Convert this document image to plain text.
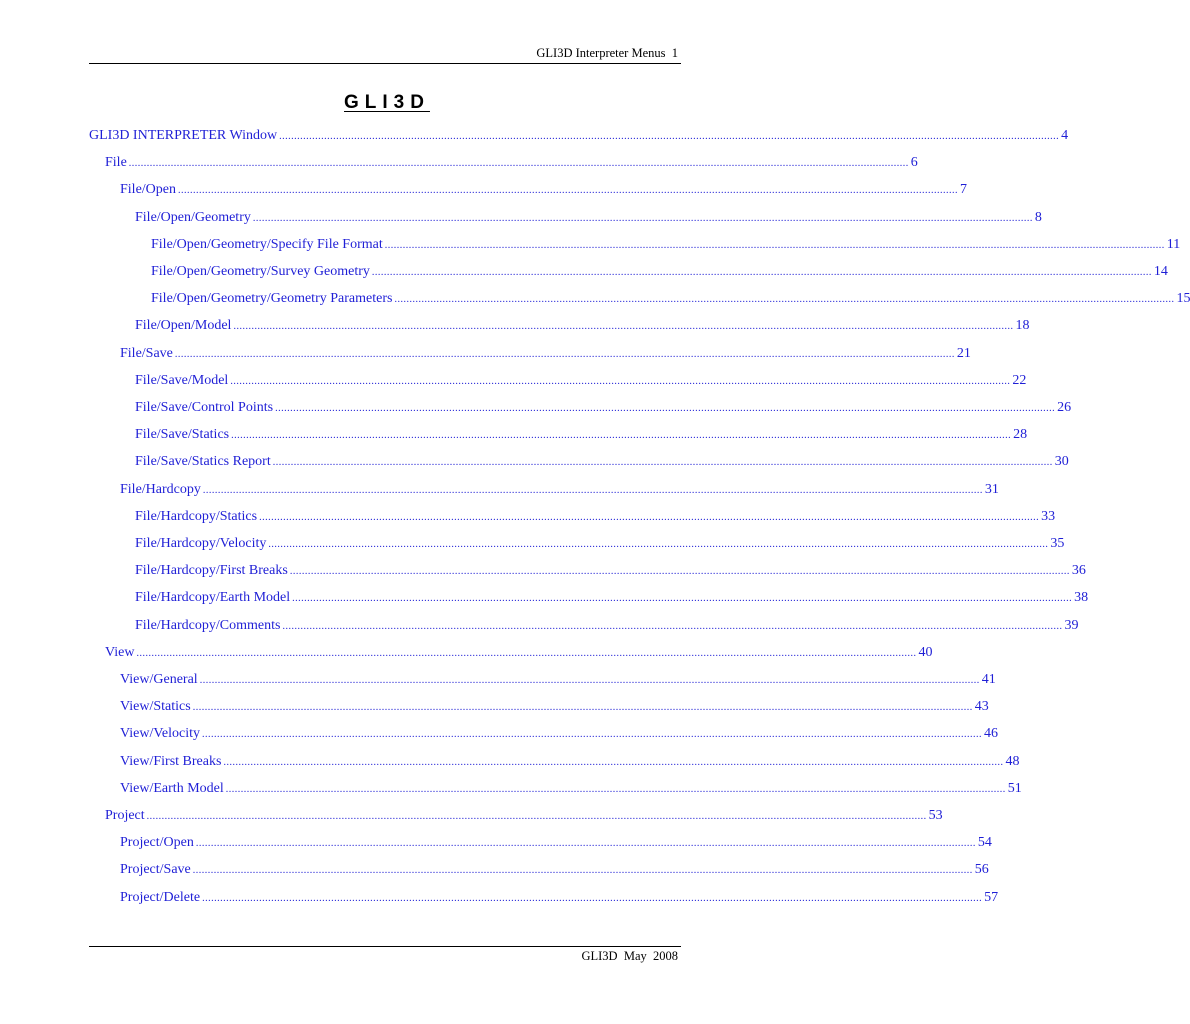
GLI3D Interpreter Menus  1
GLI3D
GLI3D INTERPRETER Window .................................................................................................................................................................................................................................................................... 4
File .................................................................................................................................................................................................................................................................... 6
File/Open .................................................................................................................................................................................................................................................................... 7
File/Open/Geometry .................................................................................................................................................................................................................................................................... 8
File/Open/Geometry/Specify File Format .................................................................................................................................................................................................................................................................... 11
File/Open/Geometry/Survey Geometry .................................................................................................................................................................................................................................................................... 14
File/Open/Geometry/Geometry Parameters .................................................................................................................................................................................................................................................................... 15
File/Open/Model .................................................................................................................................................................................................................................................................... 18
File/Save .................................................................................................................................................................................................................................................................... 21
File/Save/Model .................................................................................................................................................................................................................................................................... 22
File/Save/Control Points .................................................................................................................................................................................................................................................................... 26
File/Save/Statics .................................................................................................................................................................................................................................................................... 28
File/Save/Statics Report .................................................................................................................................................................................................................................................................... 30
File/Hardcopy .................................................................................................................................................................................................................................................................... 31
File/Hardcopy/Statics .................................................................................................................................................................................................................................................................... 33
File/Hardcopy/Velocity .................................................................................................................................................................................................................................................................... 35
File/Hardcopy/First Breaks .................................................................................................................................................................................................................................................................... 36
File/Hardcopy/Earth Model .................................................................................................................................................................................................................................................................... 38
File/Hardcopy/Comments .................................................................................................................................................................................................................................................................... 39
View .................................................................................................................................................................................................................................................................... 40
View/General .................................................................................................................................................................................................................................................................... 41
View/Statics .................................................................................................................................................................................................................................................................... 43
View/Velocity .................................................................................................................................................................................................................................................................... 46
View/First Breaks .................................................................................................................................................................................................................................................................... 48
View/Earth Model .................................................................................................................................................................................................................................................................... 51
Project .................................................................................................................................................................................................................................................................... 53
Project/Open .................................................................................................................................................................................................................................................................... 54
Project/Save .................................................................................................................................................................................................................................................................... 56
Project/Delete .................................................................................................................................................................................................................................................................... 57
GLI3D  May  2008
